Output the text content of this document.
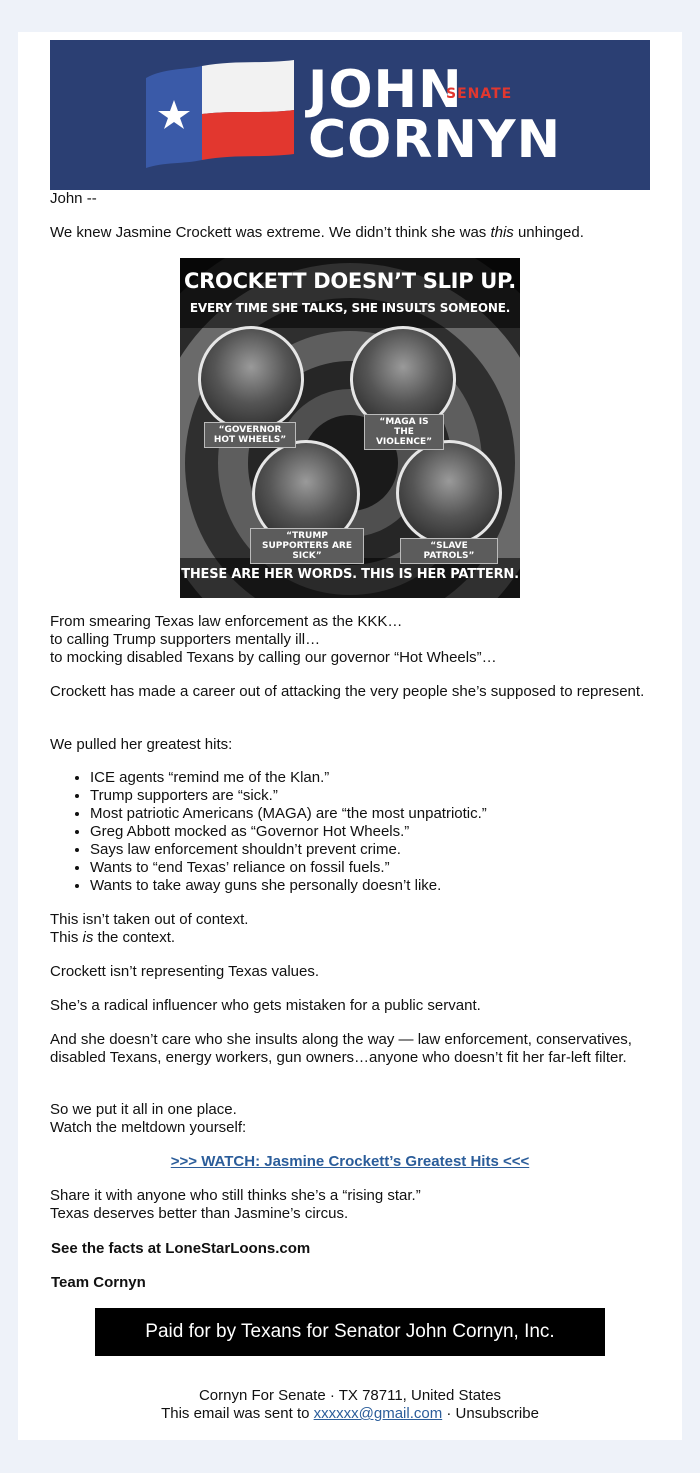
JOHN
SENATE
CORNYN

John --

We knew Jasmine Crockett was extreme. We didn’t think she was this unhinged.

CROCKETT DOESN’T SLIP UP.
EVERY TIME SHE TALKS, SHE INSULTS SOMEONE.
“GOVERNOR HOT WHEELS”
“MAGA IS THE VIOLENCE”
“TRUMP SUPPORTERS ARE SICK”
“SLAVE PATROLS”
THESE ARE HER WORDS. THIS IS HER PATTERN.

From smearing Texas law enforcement as the KKK…

to calling Trump supporters mentally ill…

to mocking disabled Texans by calling our governor “Hot Wheels”…

Crockett has made a career out of attacking the very people she’s supposed to represent.

We pulled her greatest hits:

• ICE agents “remind me of the Klan.”
• Trump supporters are “sick.”
• Most patriotic Americans (MAGA) are “the most unpatriotic.”
• Greg Abbott mocked as “Governor Hot Wheels.”
• Says law enforcement shouldn’t prevent crime.
• Wants to “end Texas’ reliance on fossil fuels.”
• Wants to take away guns she personally doesn’t like.

This isn’t taken out of context.

This is the context.

Crockett isn’t representing Texas values.

She’s a radical influencer who gets mistaken for a public servant.

And she doesn’t care who she insults along the way — law enforcement, conservatives, disabled Texans, energy workers, gun owners…anyone who doesn’t fit her far-left filter.

So we put it all in one place.

Watch the meltdown yourself:

>>> WATCH: Jasmine Crockett’s Greatest Hits <<<

Share it with anyone who still thinks she’s a “rising star.”

Texas deserves better than Jasmine’s circus.

See the facts at LoneStarLoons.com
Team Cornyn
Paid for by Texans for Senator John Cornyn, Inc.
Cornyn For Senate · TX 78711, United States
This email was sent to xxxxxx@gmail.com · Unsubscribe
